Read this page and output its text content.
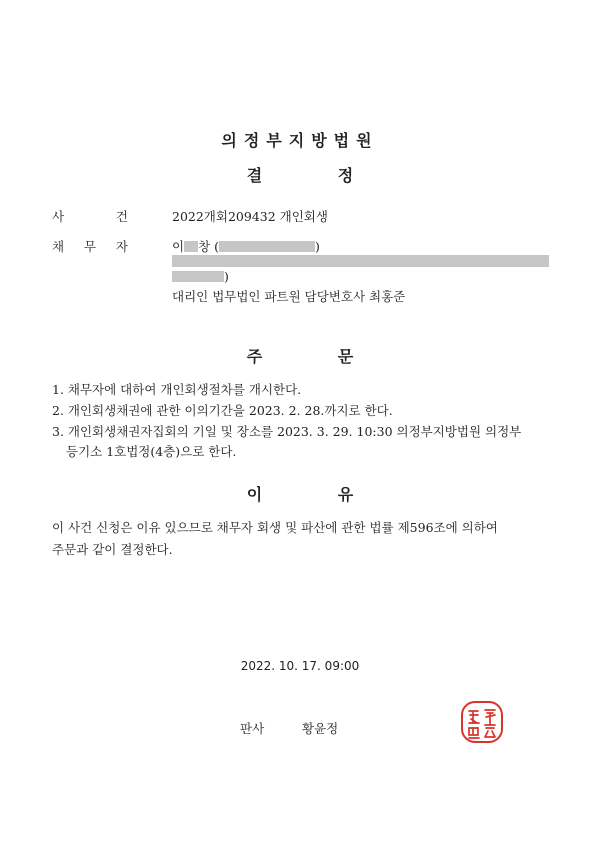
의정부지방법원
결 정
사	건	2022개회209432 개인회생
채 무 자	이 창 (	)
)
대리인 법무법인 파트원 담당변호사 최홍준
주 문
1. 채무자에 대하여 개인회생절차를 개시한다.
2. 개인회생채권에 관한 이의기간을 2023. 2. 28.까지로 한다.
3. 개인회생채권자집회의 기일 및 장소를 2023. 3. 29. 10:30 의정부지방법원 의정부
등기소 1호법정(4층)으로 한다.
이 유
이 사건 신청은 이유 있으므로 채무자 회생 및 파산에 관한 법률 제596조에 의하여
주문과 같이 결정한다.
2022. 10. 17. 09:00
판사	황윤정
